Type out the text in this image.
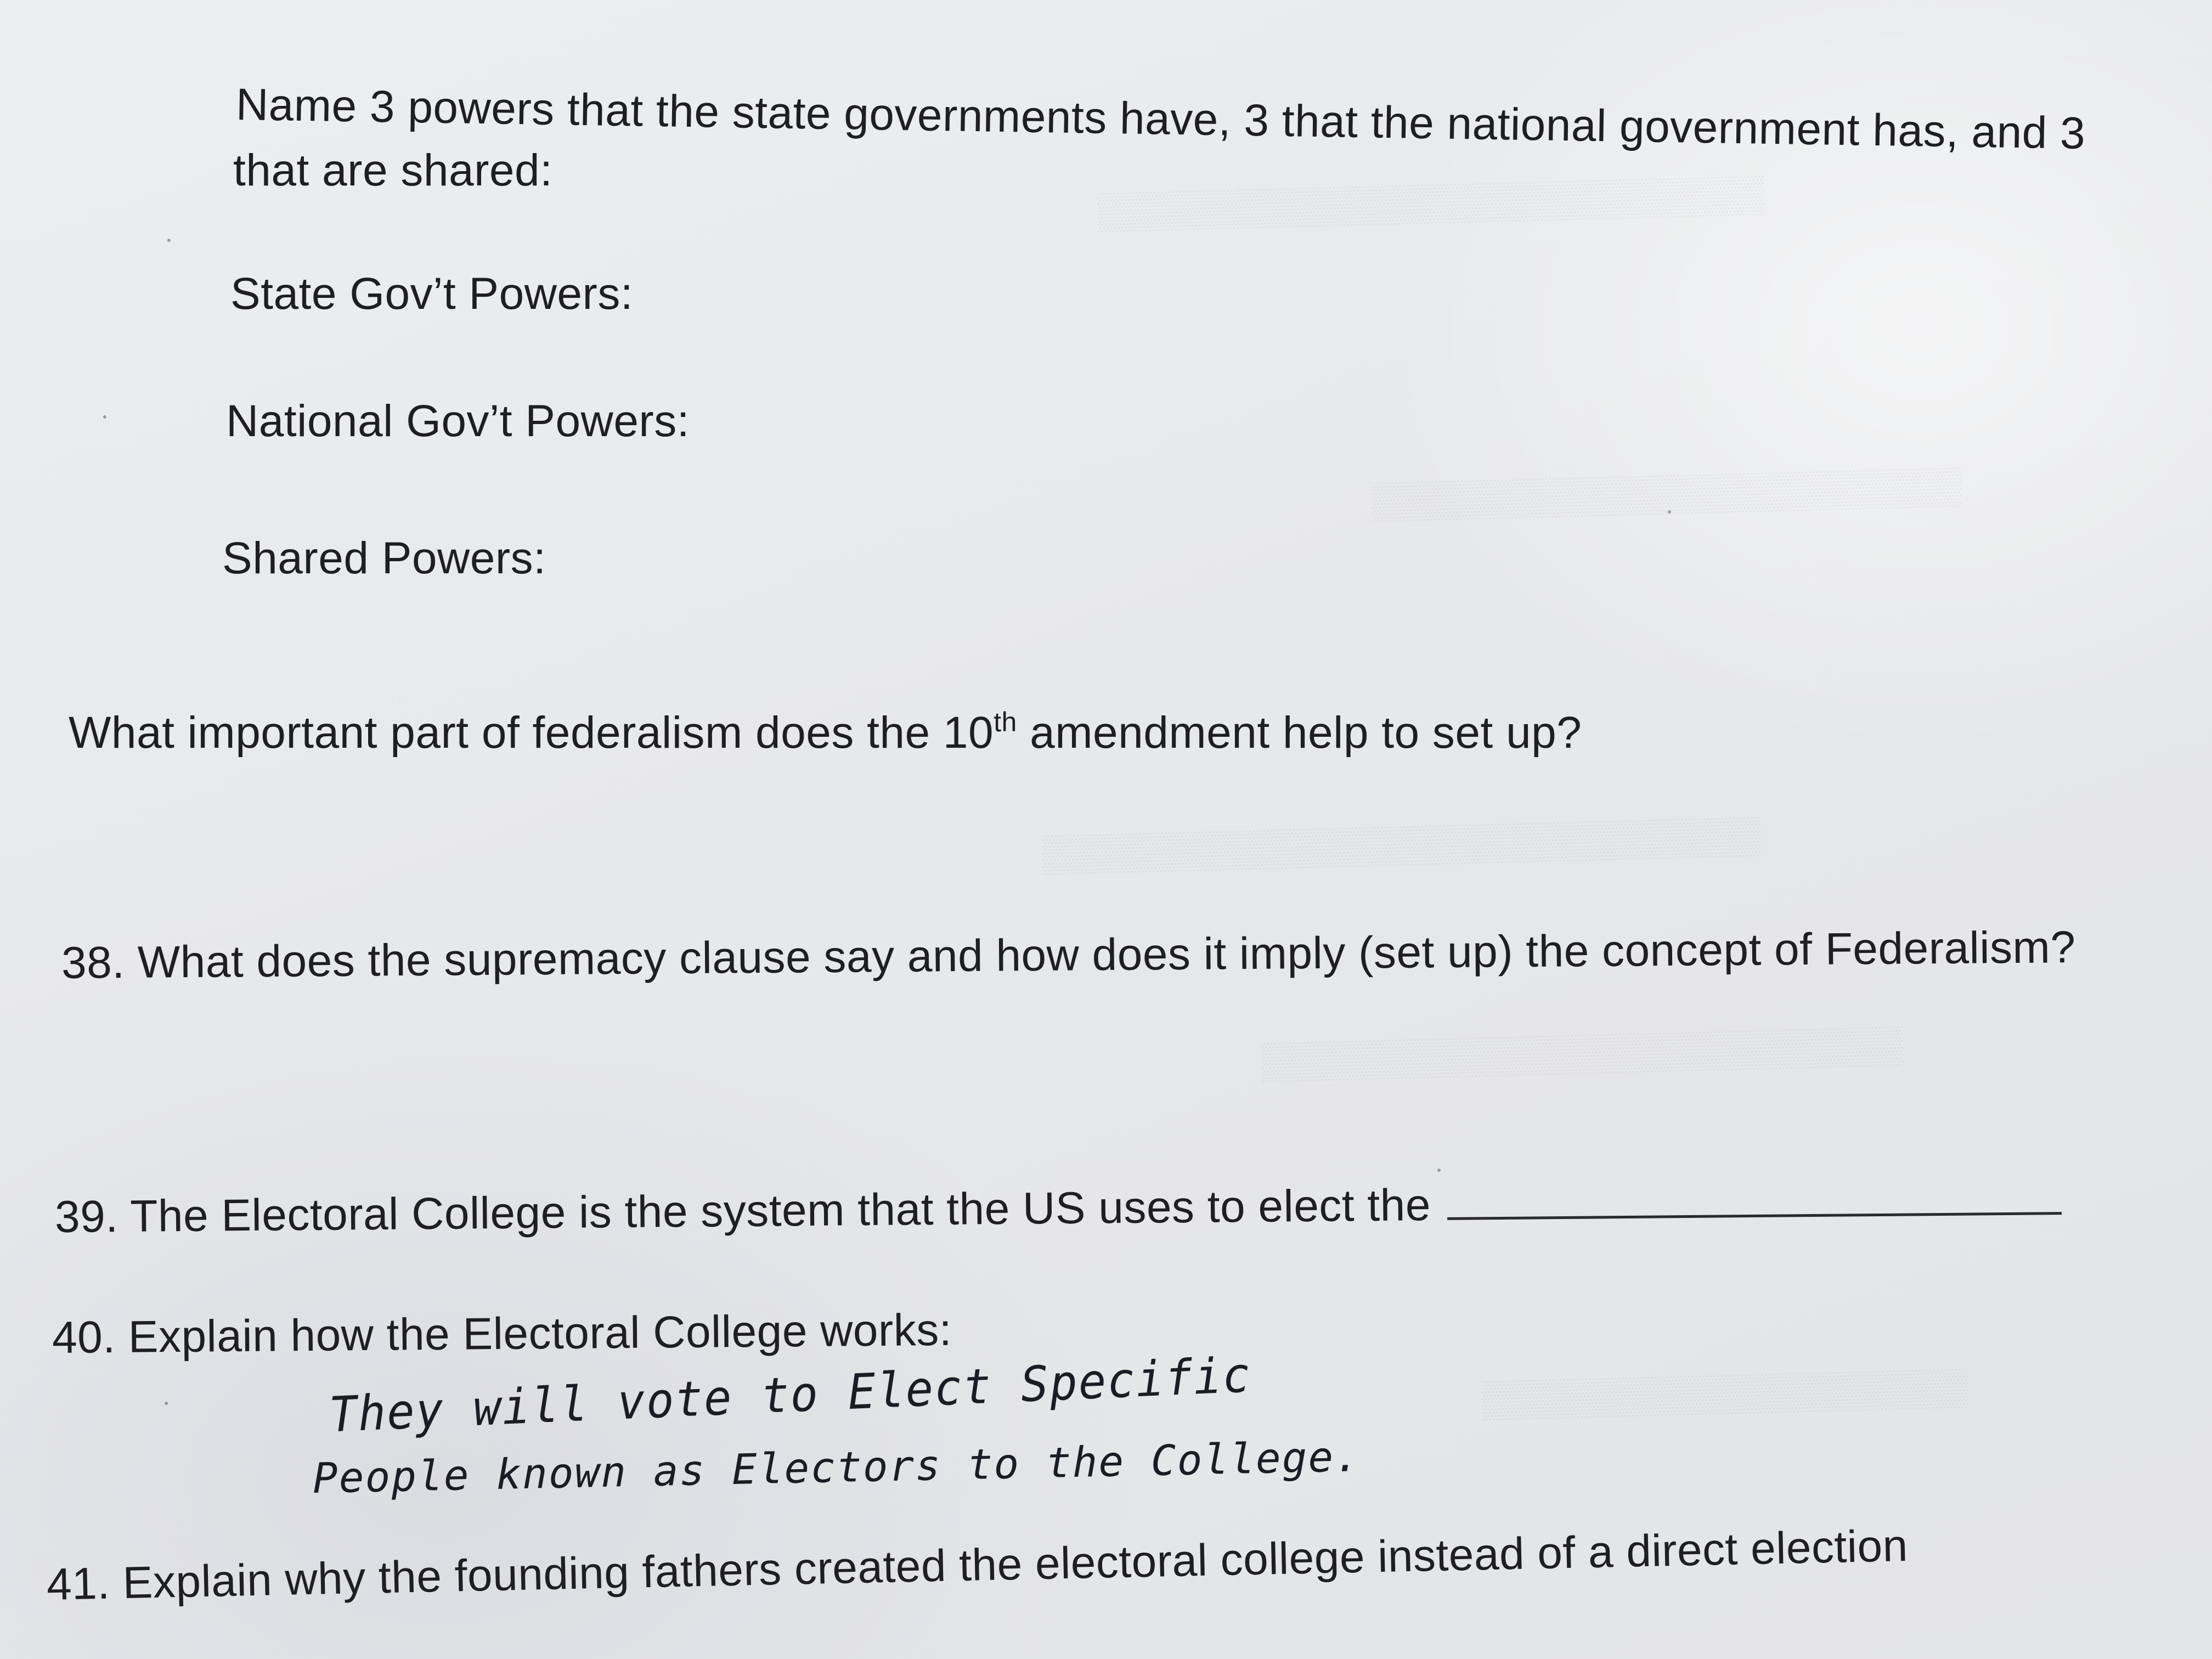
▒▒▒▒▒▒▒▒▒▒▒▒▒▒▒▒▒▒▒▒▒▒▒▒▒▒
▒▒▒▒▒▒▒▒▒▒▒▒▒▒▒▒▒▒▒▒▒▒▒
▒▒▒▒▒▒▒▒▒▒▒▒▒▒▒▒▒▒▒▒▒▒▒▒▒▒▒▒
▒▒▒▒▒▒▒▒▒▒▒▒▒▒▒▒▒▒▒▒▒▒▒▒▒
▒▒▒▒▒▒▒▒▒▒▒▒▒▒▒▒▒▒▒
Name 3 powers that the state governments have, 3 that the national government has, and 3
that are shared:
State Gov’t Powers:
National Gov’t Powers:
Shared Powers:
What important part of federalism does the 10th amendment help to set up?
38. What does the supremacy clause say and how does it imply (set up) the concept of Federalism?
39. The Electoral College is the system that the US uses to elect the
40. Explain how the Electoral College works:
They will vote to Elect Specific
People known as Electors to the College.
41. Explain why the founding fathers created the electoral college instead of a direct election
